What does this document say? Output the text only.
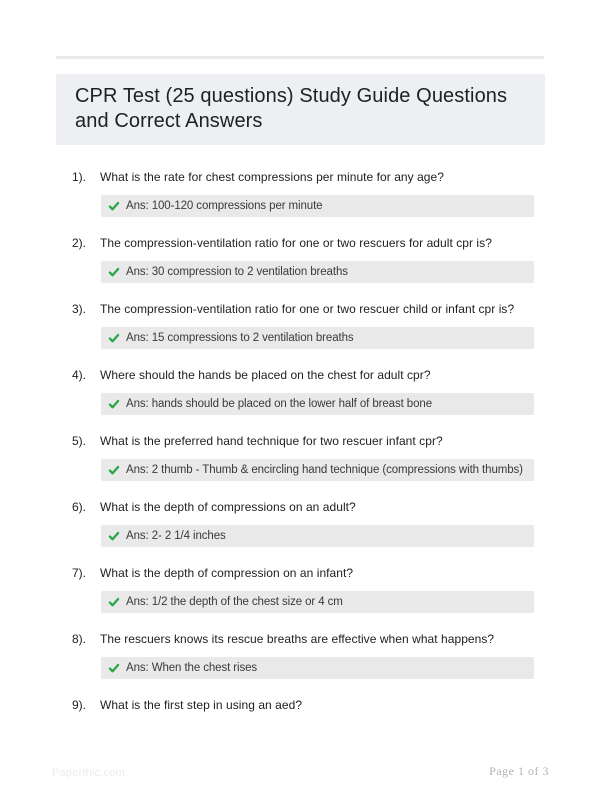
CPR Test (25 questions) Study Guide Questions
and Correct Answers
1).	What is the rate for chest compressions per minute for any age?
Ans: 100-120 compressions per minute
2).	The compression-ventilation ratio for one or two rescuers for adult cpr is?
Ans: 30 compression to 2 ventilation breaths
3).	The compression-ventilation ratio for one or two rescuer child or infant cpr is?
Ans: 15 compressions to 2 ventilation breaths
4).	Where should the hands be placed on the chest for adult cpr?
Ans: hands should be placed on the lower half of breast bone
5).	What is the preferred hand technique for two rescuer infant cpr?
Ans: 2 thumb - Thumb & encircling hand technique (compressions with thumbs)
6).	What is the depth of compressions on an adult?
Ans: 2- 2 1/4 inches
7).	What is the depth of compression on an infant?
Ans: 1/2 the depth of the chest size or 4 cm
8).	The rescuers knows its rescue breaths are effective when what happens?
Ans: When the chest rises
9).	What is the first step in using an aed?
Paperthic.com	Page 1 of 3
